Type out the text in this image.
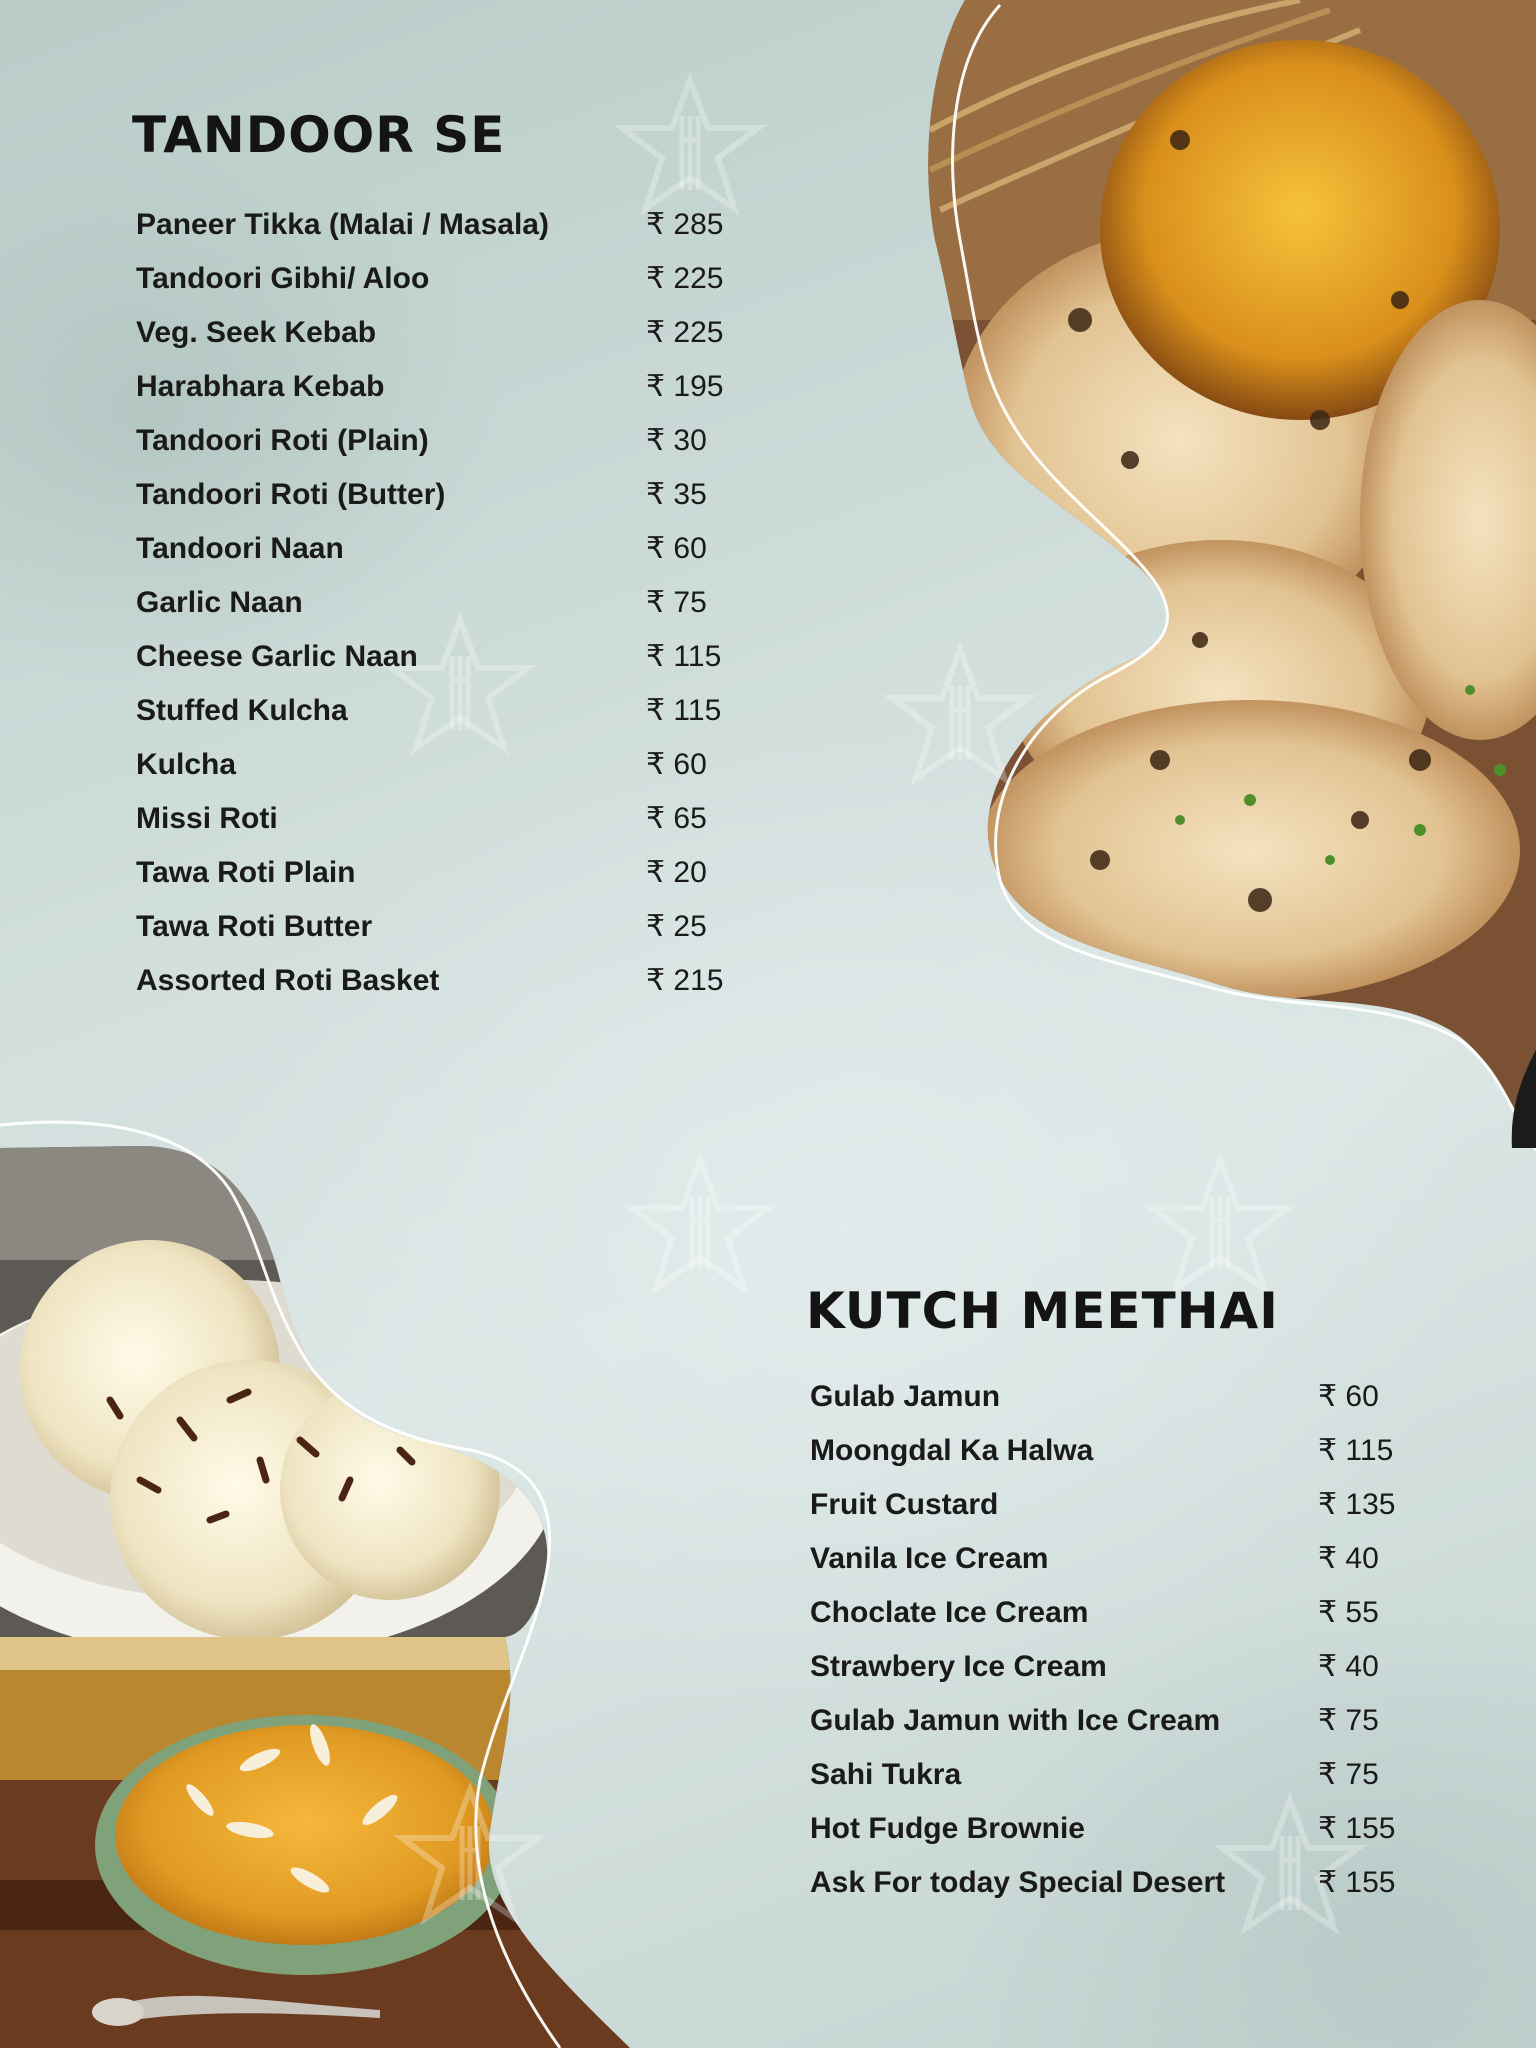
TANDOOR SE
Paneer Tikka (Malai / Masala)	₹ 285
Tandoori Gibhi/ Aloo	₹ 225
Veg. Seek Kebab	₹ 225
Harabhara Kebab	₹ 195
Tandoori Roti (Plain)	₹ 30
Tandoori Roti (Butter)	₹ 35
Tandoori Naan	₹ 60
Garlic Naan	₹ 75
Cheese Garlic Naan	₹ 115
Stuffed Kulcha	₹ 115
Kulcha	₹ 60
Missi Roti	₹ 65
Tawa Roti Plain	₹ 20
Tawa Roti Butter	₹ 25
Assorted Roti Basket	₹ 215
KUTCH MEETHAI
Gulab Jamun	₹ 60
Moongdal Ka Halwa	₹ 115
Fruit Custard	₹ 135
Vanila Ice Cream	₹ 40
Choclate Ice Cream	₹ 55
Strawbery Ice Cream	₹ 40
Gulab Jamun with Ice Cream	₹ 75
Sahi Tukra	₹ 75
Hot Fudge Brownie	₹ 155
Ask For today Special Desert	₹ 155
